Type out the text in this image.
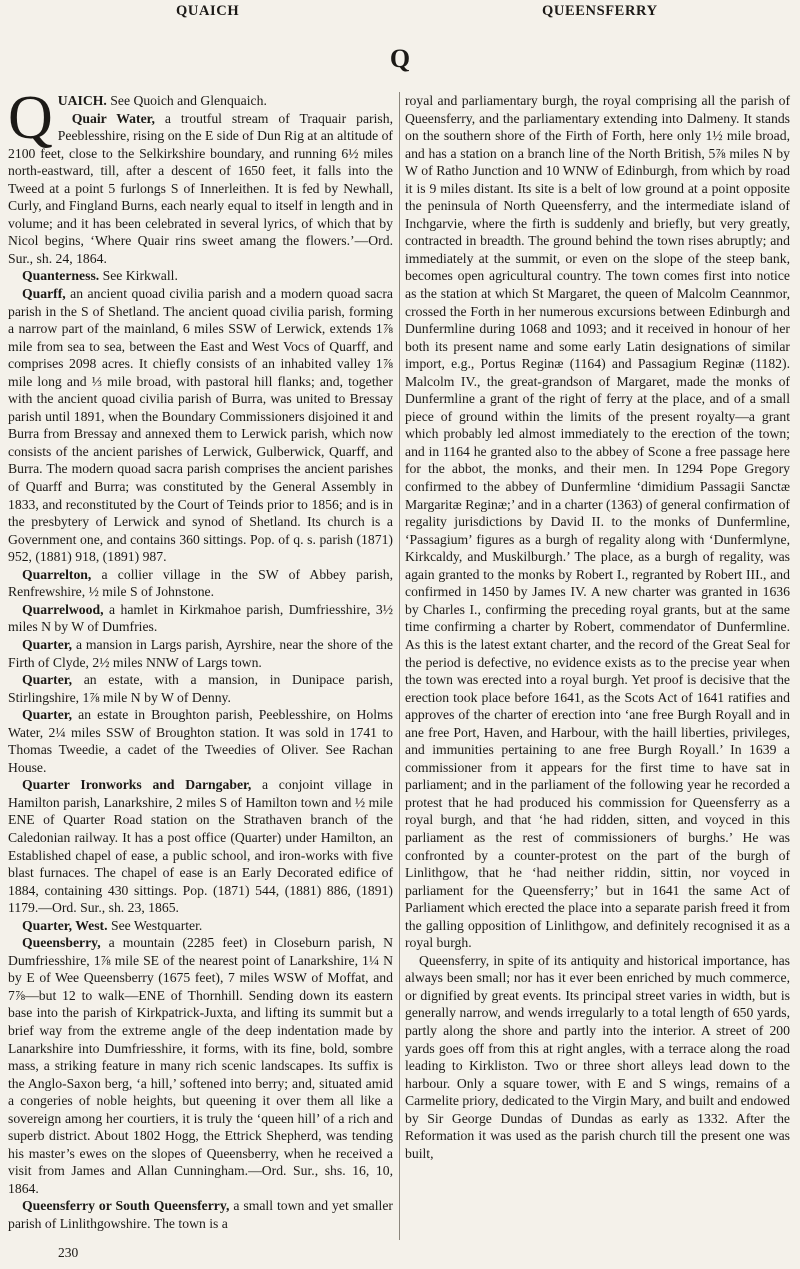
QUAICH	QUEENSFERRY
Q

QUAICH. See Quoich and Glenquaich.

Quair Water, a troutful stream of Traquair parish, Peeblesshire, rising on the E side of Dun Rig at an altitude of 2100 feet, close to the Selkirkshire boundary, and running 6½ miles north-eastward, till, after a descent of 1650 feet, it falls into the Tweed at a point 5 furlongs S of Innerleithen. It is fed by Newhall, Curly, and Fingland Burns, each nearly equal to itself in length and in volume; and it has been celebrated in several lyrics, of which that by Nicol begins, ‘Where Quair rins sweet amang the flowers.’—Ord. Sur., sh. 24, 1864.

Quanterness. See Kirkwall.

Quarff, an ancient quoad civilia parish and a modern quoad sacra parish in the S of Shetland. The ancient quoad civilia parish, forming a narrow part of the mainland, 6 miles SSW of Lerwick, extends 1⅞ mile from sea to sea, between the East and West Vocs of Quarff, and comprises 2098 acres. It chiefly consists of an inhabited valley 1⅞ mile long and ⅓ mile broad, with pastoral hill flanks; and, together with the ancient quoad civilia parish of Burra, was united to Bressay parish until 1891, when the Boundary Commissioners disjoined it and Burra from Bressay and annexed them to Lerwick parish, which now consists of the ancient parishes of Lerwick, Gulberwick, Quarff, and Burra. The modern quoad sacra parish comprises the ancient parishes of Quarff and Burra; was constituted by the General Assembly in 1833, and reconstituted by the Court of Teinds prior to 1856; and is in the presbytery of Lerwick and synod of Shetland. Its church is a Government one, and contains 360 sittings. Pop. of q. s. parish (1871) 952, (1881) 918, (1891) 987.

Quarrelton, a collier village in the SW of Abbey parish, Renfrewshire, ½ mile S of Johnstone.

Quarrelwood, a hamlet in Kirkmahoe parish, Dumfriesshire, 3½ miles N by W of Dumfries.

Quarter, a mansion in Largs parish, Ayrshire, near the shore of the Firth of Clyde, 2½ miles NNW of Largs town.

Quarter, an estate, with a mansion, in Dunipace parish, Stirlingshire, 1⅞ mile N by W of Denny.

Quarter, an estate in Broughton parish, Peeblesshire, on Holms Water, 2¼ miles SSW of Broughton station. It was sold in 1741 to Thomas Tweedie, a cadet of the Tweedies of Oliver. See Rachan House.

Quarter Ironworks and Darngaber, a conjoint village in Hamilton parish, Lanarkshire, 2 miles S of Hamilton town and ½ mile ENE of Quarter Road station on the Strathaven branch of the Caledonian railway. It has a post office (Quarter) under Hamilton, an Established chapel of ease, a public school, and iron-works with five blast furnaces. The chapel of ease is an Early Decorated edifice of 1884, containing 430 sittings. Pop. (1871) 544, (1881) 886, (1891) 1179.—Ord. Sur., sh. 23, 1865.

Quarter, West. See Westquarter.

Queensberry, a mountain (2285 feet) in Closeburn parish, N Dumfriesshire, 1⅞ mile SE of the nearest point of Lanarkshire, 1¼ N by E of Wee Queensberry (1675 feet), 7 miles WSW of Moffat, and 7⅞—but 12 to walk—ENE of Thornhill. Sending down its eastern base into the parish of Kirkpatrick-Juxta, and lifting its summit but a brief way from the extreme angle of the deep indentation made by Lanarkshire into Dumfriesshire, it forms, with its fine, bold, sombre mass, a striking feature in many rich scenic landscapes. Its suffix is the Anglo-Saxon berg, ‘a hill,’ softened into berry; and, situated amid a congeries of noble heights, but queening it over them all like a sovereign among her courtiers, it is truly the ‘queen hill’ of a rich and superb district. About 1802 Hogg, the Ettrick Shepherd, was tending his master’s ewes on the slopes of Queensberry, when he received a visit from James and Allan Cunningham.—Ord. Sur., shs. 16, 10, 1864.

Queensferry or South Queensferry, a small town and yet smaller parish of Linlithgowshire. The town is a

royal and parliamentary burgh, the royal comprising all the parish of Queensferry, and the parliamentary extending into Dalmeny. It stands on the southern shore of the Firth of Forth, here only 1½ mile broad, and has a station on a branch line of the North British, 5⅞ miles N by W of Ratho Junction and 10 WNW of Edinburgh, from which by road it is 9 miles distant. Its site is a belt of low ground at a point opposite the peninsula of North Queensferry, and the intermediate island of Inchgarvie, where the firth is suddenly and briefly, but very greatly, contracted in breadth. The ground behind the town rises abruptly; and immediately at the summit, or even on the slope of the steep bank, becomes open agricultural country. The town comes first into notice as the station at which St Margaret, the queen of Malcolm Ceannmor, crossed the Forth in her numerous excursions between Edinburgh and Dunfermline during 1068 and 1093; and it received in honour of her both its present name and some early Latin designations of similar import, e.g., Portus Reginæ (1164) and Passagium Reginæ (1182). Malcolm IV., the great-grandson of Margaret, made the monks of Dunfermline a grant of the right of ferry at the place, and of a small piece of ground within the limits of the present royalty—a grant which probably led almost immediately to the erection of the town; and in 1164 he granted also to the abbey of Scone a free passage here for the abbot, the monks, and their men. In 1294 Pope Gregory confirmed to the abbey of Dunfermline ‘dimidium Passagii Sanctæ Margaritæ Reginæ;’ and in a charter (1363) of general confirmation of regality jurisdictions by David II. to the monks of Dunfermline, ‘Passagium’ figures as a burgh of regality along with ‘Dunfermlyne, Kirkcaldy, and Muskilburgh.’ The place, as a burgh of regality, was again granted to the monks by Robert I., regranted by Robert III., and confirmed in 1450 by James IV. A new charter was granted in 1636 by Charles I., confirming the preceding royal grants, but at the same time confirming a charter by Robert, commendator of Dunfermline. As this is the latest extant charter, and the record of the Great Seal for the period is defective, no evidence exists as to the precise year when the town was erected into a royal burgh. Yet proof is decisive that the erection took place before 1641, as the Scots Act of 1641 ratifies and approves of the charter of erection into ‘ane free Burgh Royall and in ane free Port, Haven, and Harbour, with the haill liberties, privileges, and immunities pertaining to ane free Burgh Royall.’ In 1639 a commissioner from it appears for the first time to have sat in parliament; and in the parliament of the following year he recorded a protest that he had produced his commission for Queensferry as a royal burgh, and that ‘he had ridden, sitten, and voyced in this parliament as the rest of commissioners of burghs.’ He was confronted by a counter-protest on the part of the burgh of Linlithgow, that he ‘had neither riddin, sittin, nor voyced in parliament for the Queensferry;’ but in 1641 the same Act of Parliament which erected the place into a separate parish freed it from the galling opposition of Linlithgow, and definitely recognised it as a royal burgh.

Queensferry, in spite of its antiquity and historical importance, has always been small; nor has it ever been enriched by much commerce, or dignified by great events. Its principal street varies in width, but is generally narrow, and wends irregularly to a total length of 650 yards, partly along the shore and partly into the interior. A street of 200 yards goes off from this at right angles, with a terrace along the road leading to Kirkliston. Two or three short alleys lead down to the harbour. Only a square tower, with E and S wings, remains of a Carmelite priory, dedicated to the Virgin Mary, and built and endowed by Sir George Dundas of Dundas as early as 1332. After the Reformation it was used as the parish church till the present one was built,

230
